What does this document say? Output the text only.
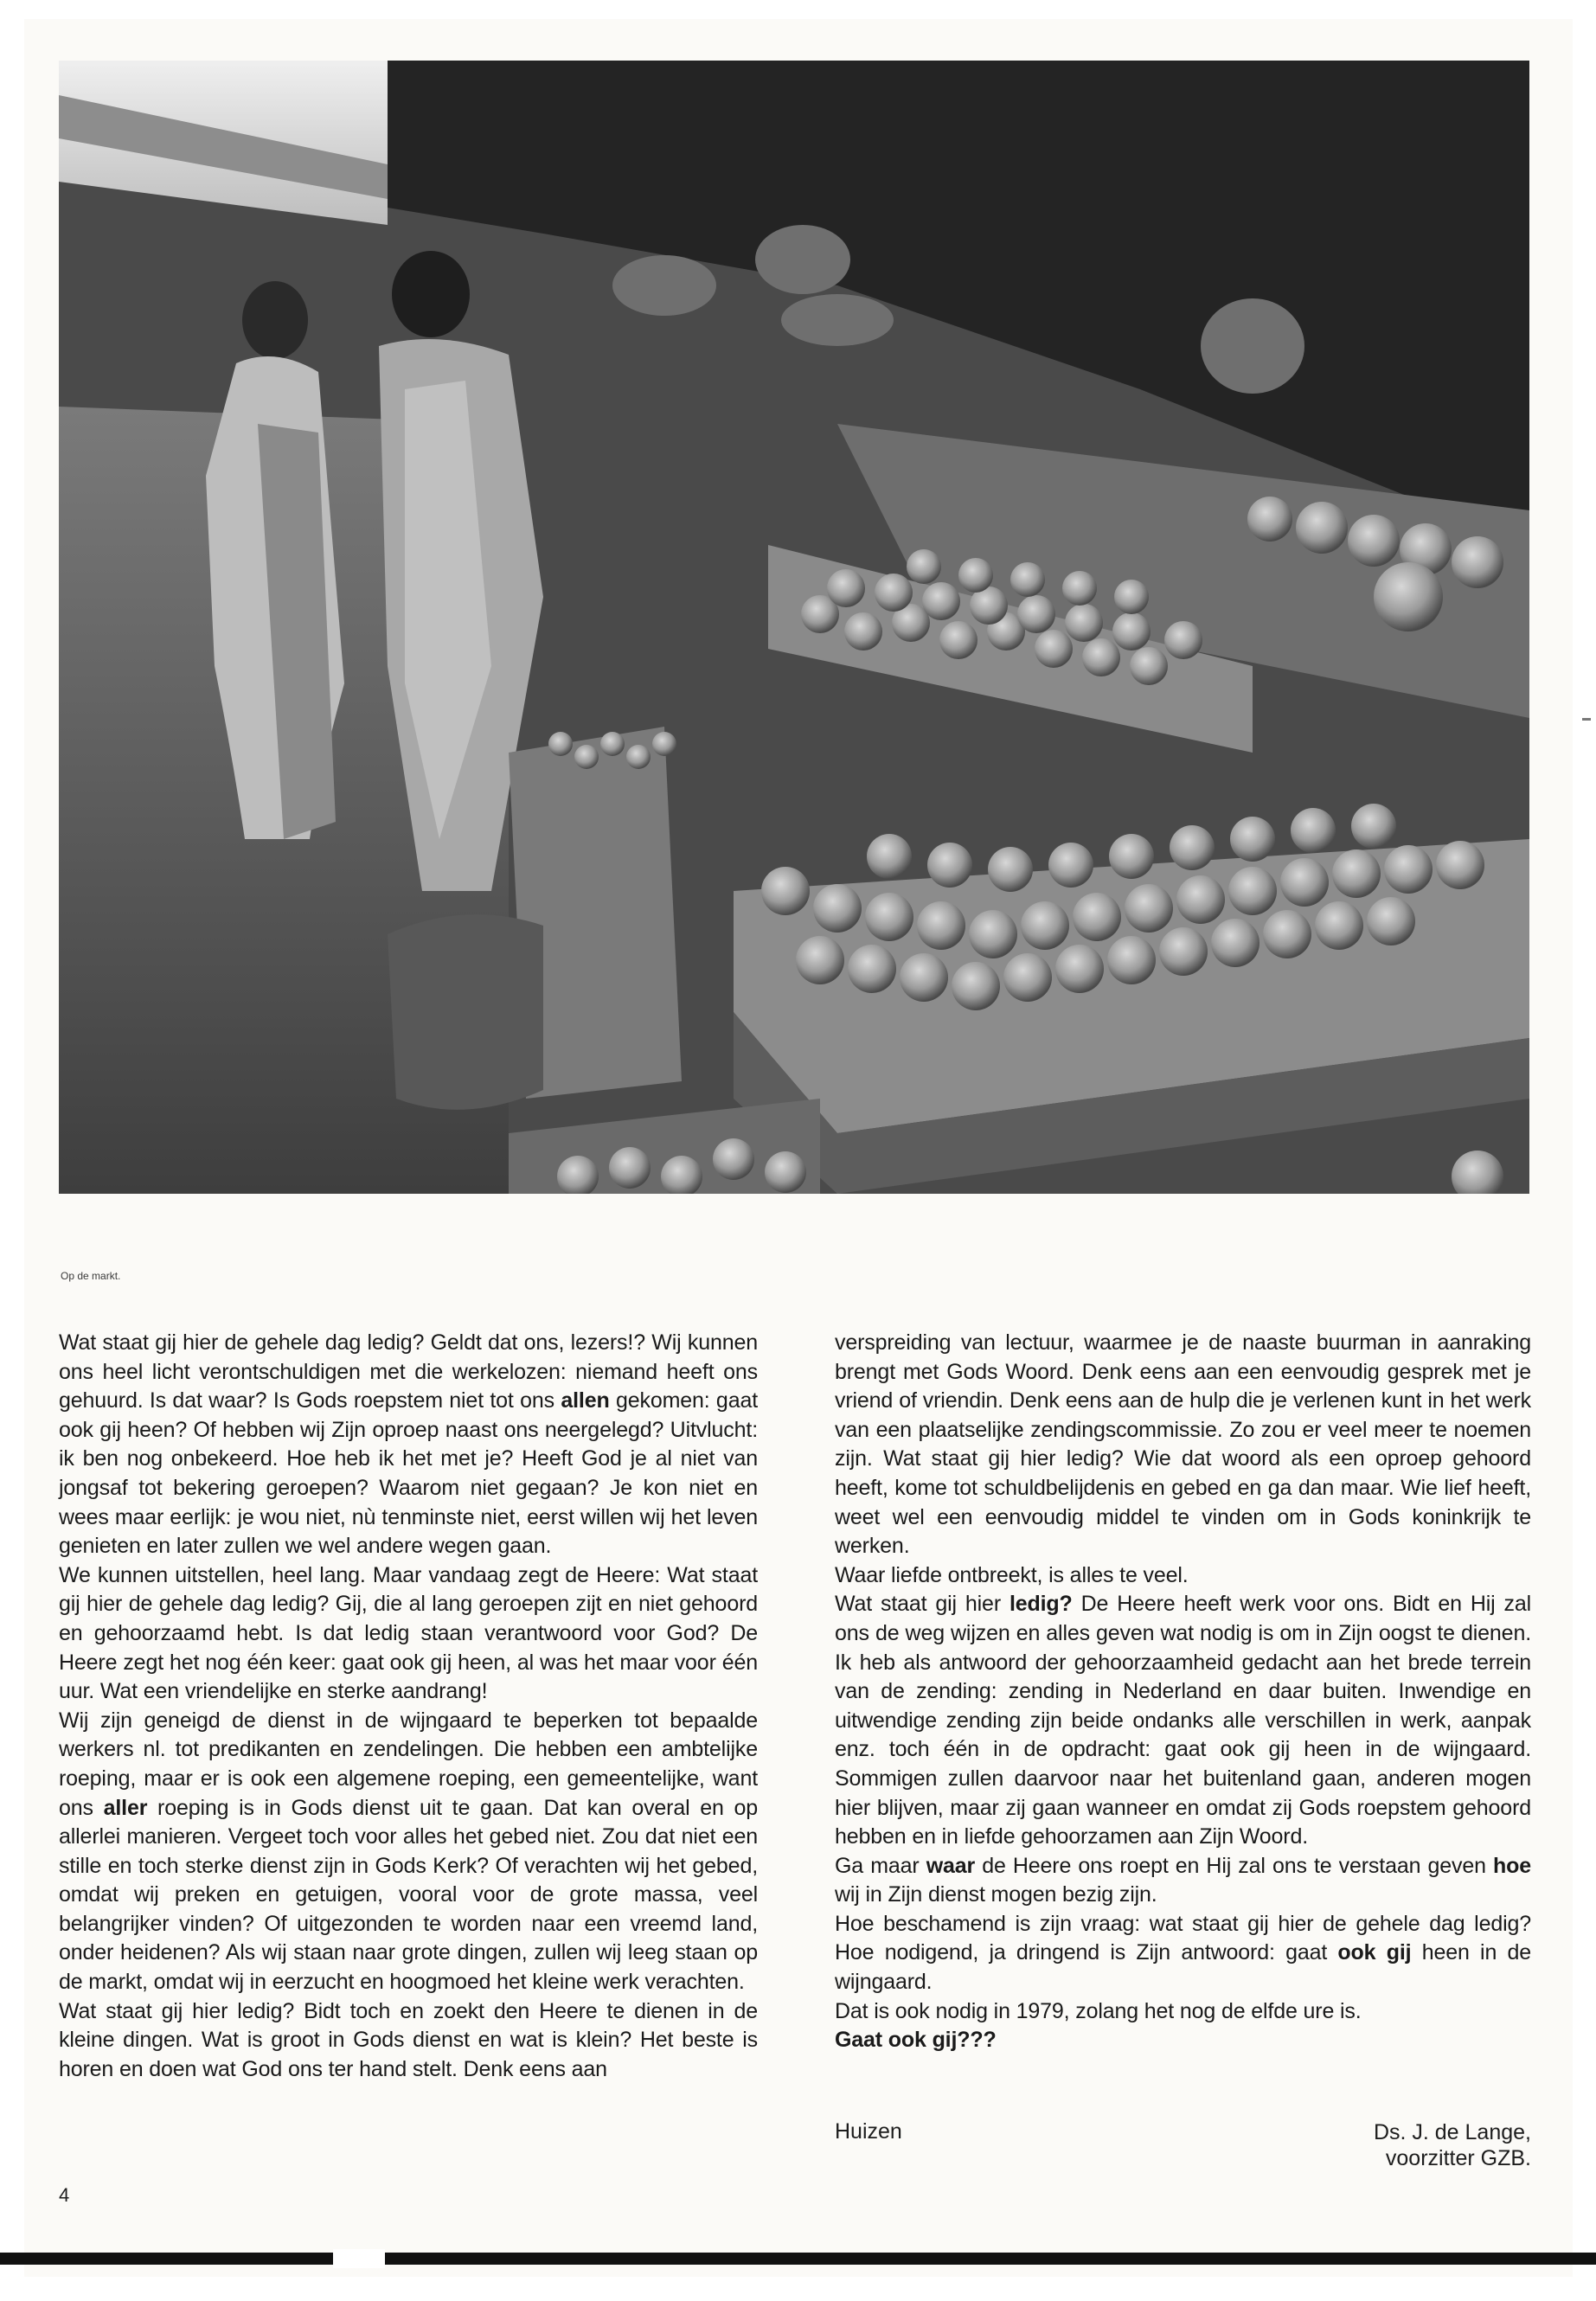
Op de markt.

Wat staat gij hier de gehele dag ledig? Geldt dat ons, lezers!? Wij kunnen ons heel licht verontschuldigen met die werkelozen: niemand heeft ons gehuurd. Is dat waar? Is Gods roepstem niet tot ons allen gekomen: gaat ook gij heen? Of hebben wij Zijn oproep naast ons neergelegd? Uitvlucht: ik ben nog onbekeerd. Hoe heb ik het met je? Heeft God je al niet van jongsaf tot bekering geroepen? Waarom niet gegaan? Je kon niet en wees maar eerlijk: je wou niet, nù tenminste niet, eerst willen wij het leven genieten en later zullen we wel andere wegen gaan.

We kunnen uitstellen, heel lang. Maar vandaag zegt de Heere: Wat staat gij hier de gehele dag ledig? Gij, die al lang geroepen zijt en niet gehoord en gehoorzaamd hebt. Is dat ledig staan verantwoord voor God? De Heere zegt het nog één keer: gaat ook gij heen, al was het maar voor één uur. Wat een vriendelijke en sterke aandrang!

Wij zijn geneigd de dienst in de wijngaard te beperken tot bepaalde werkers nl. tot predikanten en zendelingen. Die hebben een ambtelijke roeping, maar er is ook een algemene roeping, een gemeentelijke, want ons aller roeping is in Gods dienst uit te gaan. Dat kan overal en op allerlei manieren. Vergeet toch voor alles het gebed niet. Zou dat niet een stille en toch sterke dienst zijn in Gods Kerk? Of verachten wij het gebed, omdat wij preken en getuigen, vooral voor de grote massa, veel belangrijker vinden? Of uitgezonden te worden naar een vreemd land, onder heidenen? Als wij staan naar grote dingen, zullen wij leeg staan op de markt, omdat wij in eerzucht en hoogmoed het kleine werk verachten.

Wat staat gij hier ledig? Bidt toch en zoekt den Heere te dienen in de kleine dingen. Wat is groot in Gods dienst en wat is klein? Het beste is horen en doen wat God ons ter hand stelt. Denk eens aan

verspreiding van lectuur, waarmee je de naaste buurman in aanraking brengt met Gods Woord. Denk eens aan een eenvoudig gesprek met je vriend of vriendin. Denk eens aan de hulp die je verlenen kunt in het werk van een plaatselijke zendingscommissie. Zo zou er veel meer te noemen zijn. Wat staat gij hier ledig? Wie dat woord als een oproep gehoord heeft, kome tot schuldbelijdenis en gebed en ga dan maar. Wie lief heeft, weet wel een eenvoudig middel te vinden om in Gods koninkrijk te werken.

Waar liefde ontbreekt, is alles te veel.

Wat staat gij hier ledig? De Heere heeft werk voor ons. Bidt en Hij zal ons de weg wijzen en alles geven wat nodig is om in Zijn oogst te dienen. Ik heb als antwoord der gehoorzaamheid gedacht aan het brede terrein van de zending: zending in Nederland en daar buiten. Inwendige en uitwendige zending zijn beide ondanks alle verschillen in werk, aanpak enz. toch één in de opdracht: gaat ook gij heen in de wijngaard. Sommigen zullen daarvoor naar het buitenland gaan, anderen mogen hier blijven, maar zij gaan wanneer en omdat zij Gods roepstem gehoord hebben en in liefde gehoorzamen aan Zijn Woord.

Ga maar waar de Heere ons roept en Hij zal ons te verstaan geven hoe wij in Zijn dienst mogen bezig zijn.

Hoe beschamend is zijn vraag: wat staat gij hier de gehele dag ledig? Hoe nodigend, ja dringend is Zijn antwoord: gaat ook gij heen in de wijngaard.

Dat is ook nodig in 1979, zolang het nog de elfde ure is.

Gaat ook gij???

Huizen	Ds. J. de Lange,
voorzitter GZB.
4
